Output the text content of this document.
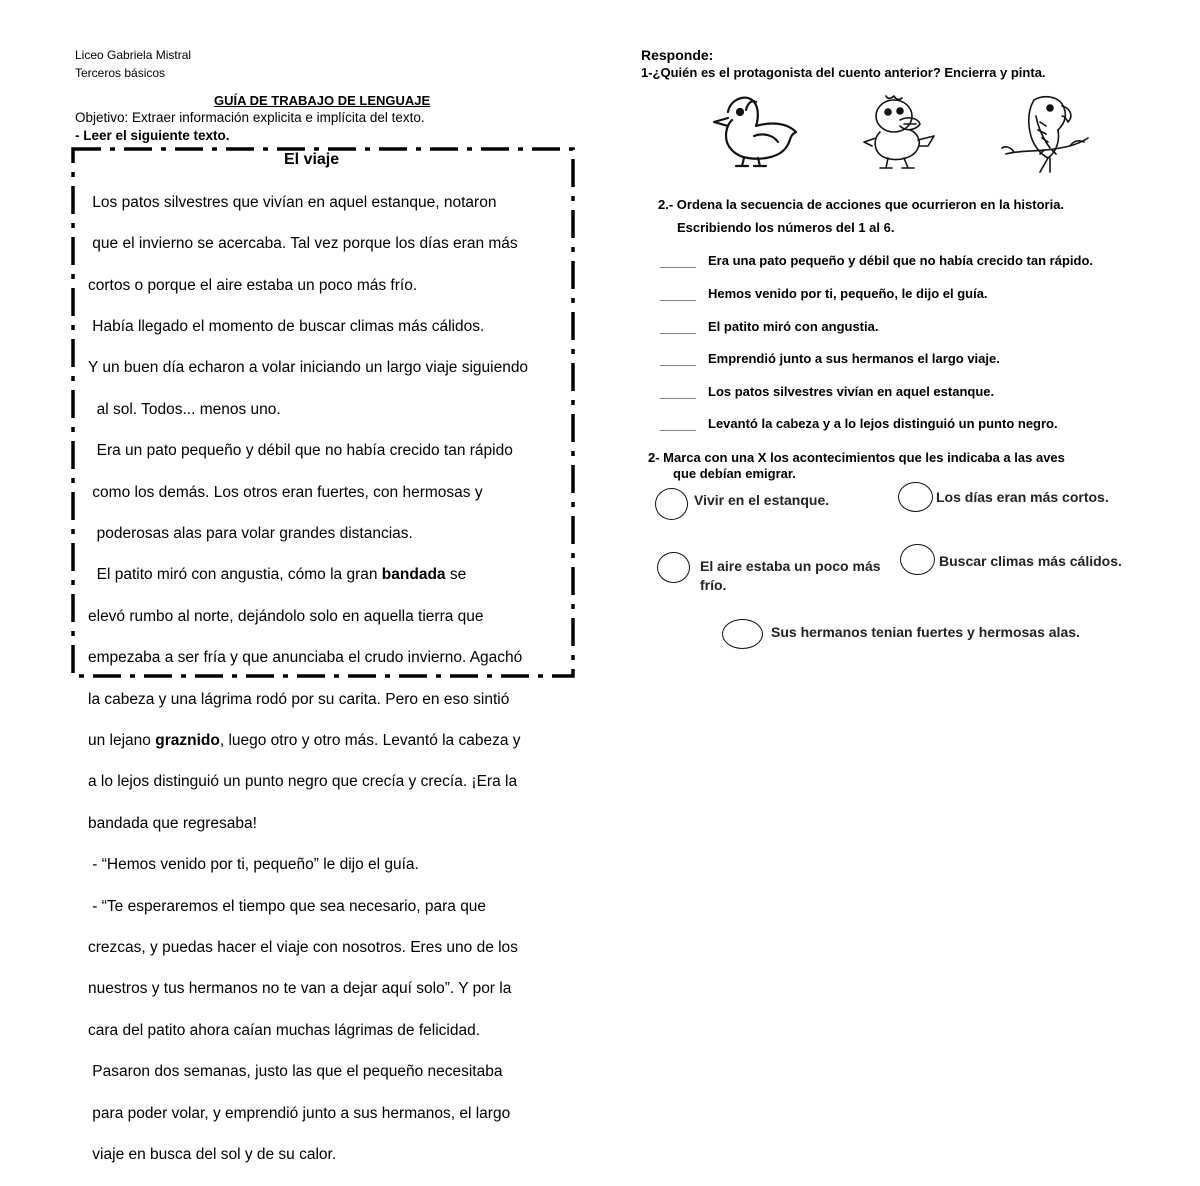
Liceo Gabriela Mistral
Terceros básicos
GUÍA DE TRABAJO DE LENGUAJE
Objetivo: Extraer información explicita e implícita del texto.
- Leer el siguiente texto.
El viaje

Los patos silvestres que vivían en aquel estanque, notaron

que el invierno se acercaba. Tal vez porque los días eran más

cortos o porque el aire estaba un poco más frío.

Había llegado el momento de buscar climas más cálidos.

Y un buen día echaron a volar iniciando un largo viaje siguiendo

al sol. Todos... menos uno.

Era un pato pequeño y débil que no había crecido tan rápido

como los demás. Los otros eran fuertes, con hermosas y

poderosas alas para volar grandes distancias.

El patito miró con angustia, cómo la gran bandada se

elevó rumbo al norte, dejándolo solo en aquella tierra que

empezaba a ser fría y que anunciaba el crudo invierno. Agachó

la cabeza y una lágrima rodó por su carita. Pero en eso sintió

un lejano graznido, luego otro y otro más. Levantó la cabeza y

a lo lejos distinguió un punto negro que crecía y crecía. ¡Era la

bandada que regresaba!

- “Hemos venido por ti, pequeño” le dijo el guía.

- “Te esperaremos el tiempo que sea necesario, para que

crezcas, y puedas hacer el viaje con nosotros. Eres uno de los

nuestros y tus hermanos no te van a dejar aquí solo”. Y por la

cara del patito ahora caían muchas lágrimas de felicidad.

Pasaron dos semanas, justo las que el pequeño necesitaba

para poder volar, y emprendió junto a sus hermanos, el largo

viaje en busca del sol y de su calor.

Responde:
1-¿Quién es el protagonista del cuento anterior? Encierra y pinta.
2.- Ordena la secuencia de acciones que ocurrieron en la historia.
Escribiendo los números del 1 al 6.
_____ Era una pato pequeño y débil que no había crecido tan rápido.
_____ Hemos venido por ti, pequeño, le dijo el guía.
_____ El patito miró con angustia.
_____ Emprendió junto a sus hermanos el largo viaje.
_____ Los patos silvestres vivían en aquel estanque.
_____ Levantó la cabeza y a lo lejos distinguió un punto negro.
2- Marca con una X los acontecimientos que les indicaba a las aves
que debían emigrar.
Vivir en el estanque.	Los días eran más cortos.
El aire estaba un poco más
frío.
Buscar climas más cálidos.
Sus hermanos tenian fuertes y hermosas alas.
